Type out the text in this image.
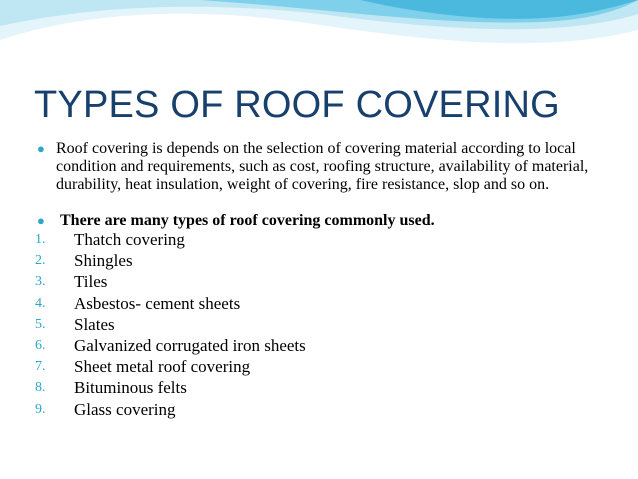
TYPES OF ROOF COVERING
● Roof covering is depends on the selection of covering material according to local condition and requirements, such as cost, roofing structure, availability of material, durability, heat insulation, weight of covering, fire resistance, slop and so on.
● There are many types of roof covering commonly used.
1. Thatch covering
2. Shingles
3. Tiles
4. Asbestos- cement sheets
5. Slates
6. Galvanized corrugated iron sheets
7. Sheet metal roof covering
8. Bituminous felts
9. Glass covering
